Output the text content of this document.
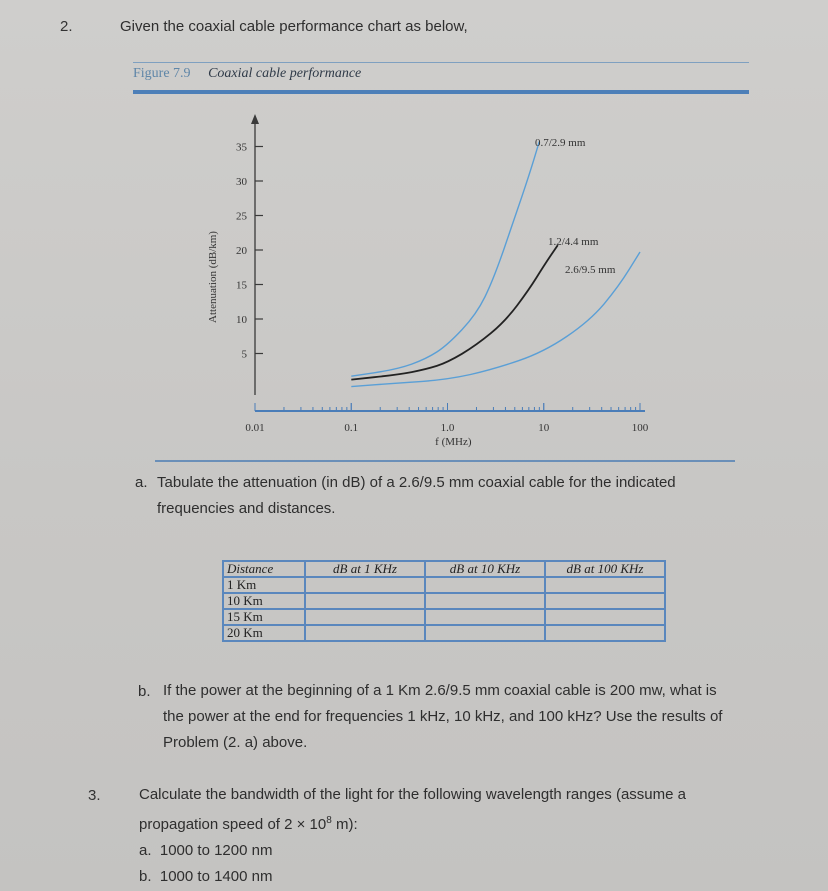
2.	Given the coaxial cable performance chart as below,
Figure 7.9 Coaxial cable performance
5
10
15
20
25
30
35
Attenuation (dB/km)
0.01	0.1	1.0	10	100
f (MHz)
0.7/2.9 mm
1.2/4.4 mm
2.6/9.5 mm
a. Tabulate the attenuation (in dB) of a 2.6/9.5 mm coaxial cable for the indicated
frequencies and distances.
Distance	dB at 1 KHz	dB at 10 KHz	dB at 100 KHz
1 Km			
10 Km			
15 Km			
20 Km			
b. If the power at the beginning of a 1 Km 2.6/9.5 mm coaxial cable is 200 mw, what is
the power at the end for frequencies 1 kHz, 10 kHz, and 100 kHz? Use the results of
Problem (2. a) above.
3.	Calculate the bandwidth of the light for the following wavelength ranges (assume a
propagation speed of $2 \times 10^8$ m):
a. 1000 to 1200 nm
b. 1000 to 1400 nm
